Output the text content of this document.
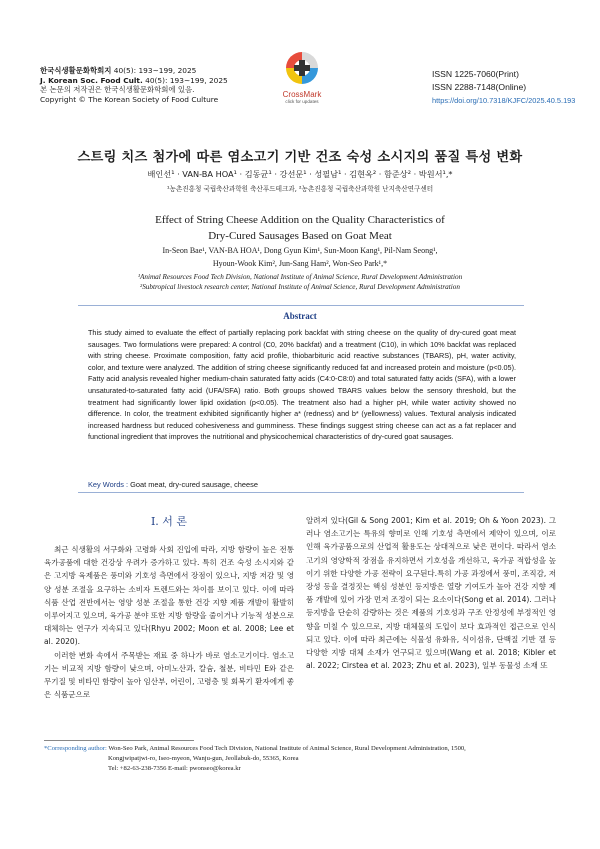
한국식생활문화학회지 40(5): 193~199, 2025
J. Korean Soc. Food Cult. 40(5): 193~199, 2025
본 논문의 저작권은 한국식생활문화학회에 있음.
Copyright © The Korean Society of Food Culture
CrossMark
click for updates
ISSN 1225-7060(Print)
ISSN 2288-7148(Online)
https://doi.org/10.7318/KJFC/2025.40.5.193
스트링 치즈 첨가에 따른 염소고기 기반 건조 숙성 소시지의 품질 특성 변화
배인선¹ · VAN-BA HOA¹ · 김동균¹ · 강선문¹ · 성필남¹ · 김현옥² · 함준상² · 박원서¹,*
¹농촌진흥청 국립축산과학원 축산푸드테크과, ²농촌진흥청 국립축산과학원 난지축산연구센터
Effect of String Cheese Addition on the Quality Characteristics of
Dry-Cured Sausages Based on Goat Meat
In-Seon Bae¹, VAN-BA HOA¹, Dong Gyun Kim¹, Sun-Moon Kang¹, Pil-Nam Seong¹,
Hyoun-Wook Kim², Jun-Sang Ham², Won-Seo Park¹,*
¹Animal Resources Food Tech Division, National Institute of Animal Science, Rural Development Administration
²Subtropical livestock research center, National Institute of Animal Science, Rural Development Administration
Abstract
This study aimed to evaluate the effect of partially replacing pork backfat with string cheese on the quality of dry-cured goat meat sausages. Two formulations were prepared: A control (C0, 20% backfat) and a treatment (C10), in which 10% backfat was replaced with string cheese. Proximate composition, fatty acid profile, thiobarbituric acid reactive substances (TBARS), pH, water activity, color, and texture were analyzed. The addition of string cheese significantly reduced fat and increased protein and moisture (p<0.05). Fatty acid analysis revealed higher medium-chain saturated fatty acids (C4:0-C8:0) and total saturated fatty acids (SFA), with a lower unsaturated-to-saturated fatty acid (UFA/SFA) ratio. Both groups showed TBARS values below the sensory threshold, but the treatment had significantly lower lipid oxidation (p<0.05). The treatment also had a higher pH, while water activity showed no difference. In color, the treatment exhibited significantly higher a* (redness) and b* (yellowness) values. Textural analysis indicated increased hardness but reduced cohesiveness and gumminess. These findings suggest string cheese can act as a fat replacer and functional ingredient that improves the nutritional and physicochemical characteristics of dry-cured goat sausages.
Key Words : Goat meat, dry-cured sausage, cheese
Ⅰ. 서 론

최근 식생활의 서구화와 고령화 사회 진입에 따라, 지방 함량이 높은 전통 육가공품에 대한 건강상 우려가 증가하고 있다. 특히 건조 숙성 소시지와 같은 고지방 육제품은 풍미와 기호성 측면에서 장점이 있으나, 지방 저감 및 영양 성분 조절을 요구하는 소비자 트렌드와는 차이를 보이고 있다. 이에 따라 식품 산업 전반에서는 영양 성분 조절을 통한 건강 지향 제품 개발이 활발히 이루어지고 있으며, 육가공 분야 또한 지방 함량을 줄이거나 기능적 성분으로 대체하는 연구가 지속되고 있다(Rhyu 2002; Moon et al. 2008; Lee et al. 2020).

이러한 변화 속에서 주목받는 재료 중 하나가 바로 염소고기이다. 염소고기는 비교적 지방 함량이 낮으며, 아미노산과, 칼슘, 철분, 비타민 E와 같은 무기질 및 비타민 함량이 높아 임산부, 어린이, 고령층 및 회복기 환자에게 좋은 식품군으로

알려져 있다(Gil & Song 2001; Kim et al. 2019; Oh & Yoon 2023). 그러나 염소고기는 특유의 향미로 인해 기호성 측면에서 제약이 있으며, 이로 인해 육가공품으로의 산업적 활용도는 상대적으로 낮은 편이다. 따라서 염소고기의 영양학적 장점을 유지하면서 기호성을 개선하고, 육가공 적합성을 높이기 위한 다양한 가공 전략이 요구된다.특히 가공 과정에서 풍미, 조직감, 저장성 등을 결정짓는 핵심 성분인 등지방은 열량 기여도가 높아 건강 지향 제품 개발에 있어 가장 먼저 조정이 되는 요소이다(Song et al. 2014). 그러나 등지방을 단순히 감량하는 것은 제품의 기호성과 구조 안정성에 부정적인 영향을 미칠 수 있으므로, 지방 대체물의 도입이 보다 효과적인 접근으로 인식되고 있다. 이에 따라 최근에는 식물성 유화유, 식이섬유, 단백질 기반 겔 등 다양한 지방 대체 소재가 연구되고 있으며(Wang et al. 2018; Kibler et al. 2022; Cirstea et al. 2023; Zhu et al. 2023), 일부 동물성 소재 또

*Corresponding author: Won-Seo Park, Animal Resources Food Tech Division, National Institute of Animal Science, Rural Development Administration, 1500,
Kongjwipatjwi-ro, Iseo-myeon, Wanju-gun, Jeollabuk-do, 55365, Korea
Tel: +82-63-238-7356 E-mail: pwonseo@korea.kr
